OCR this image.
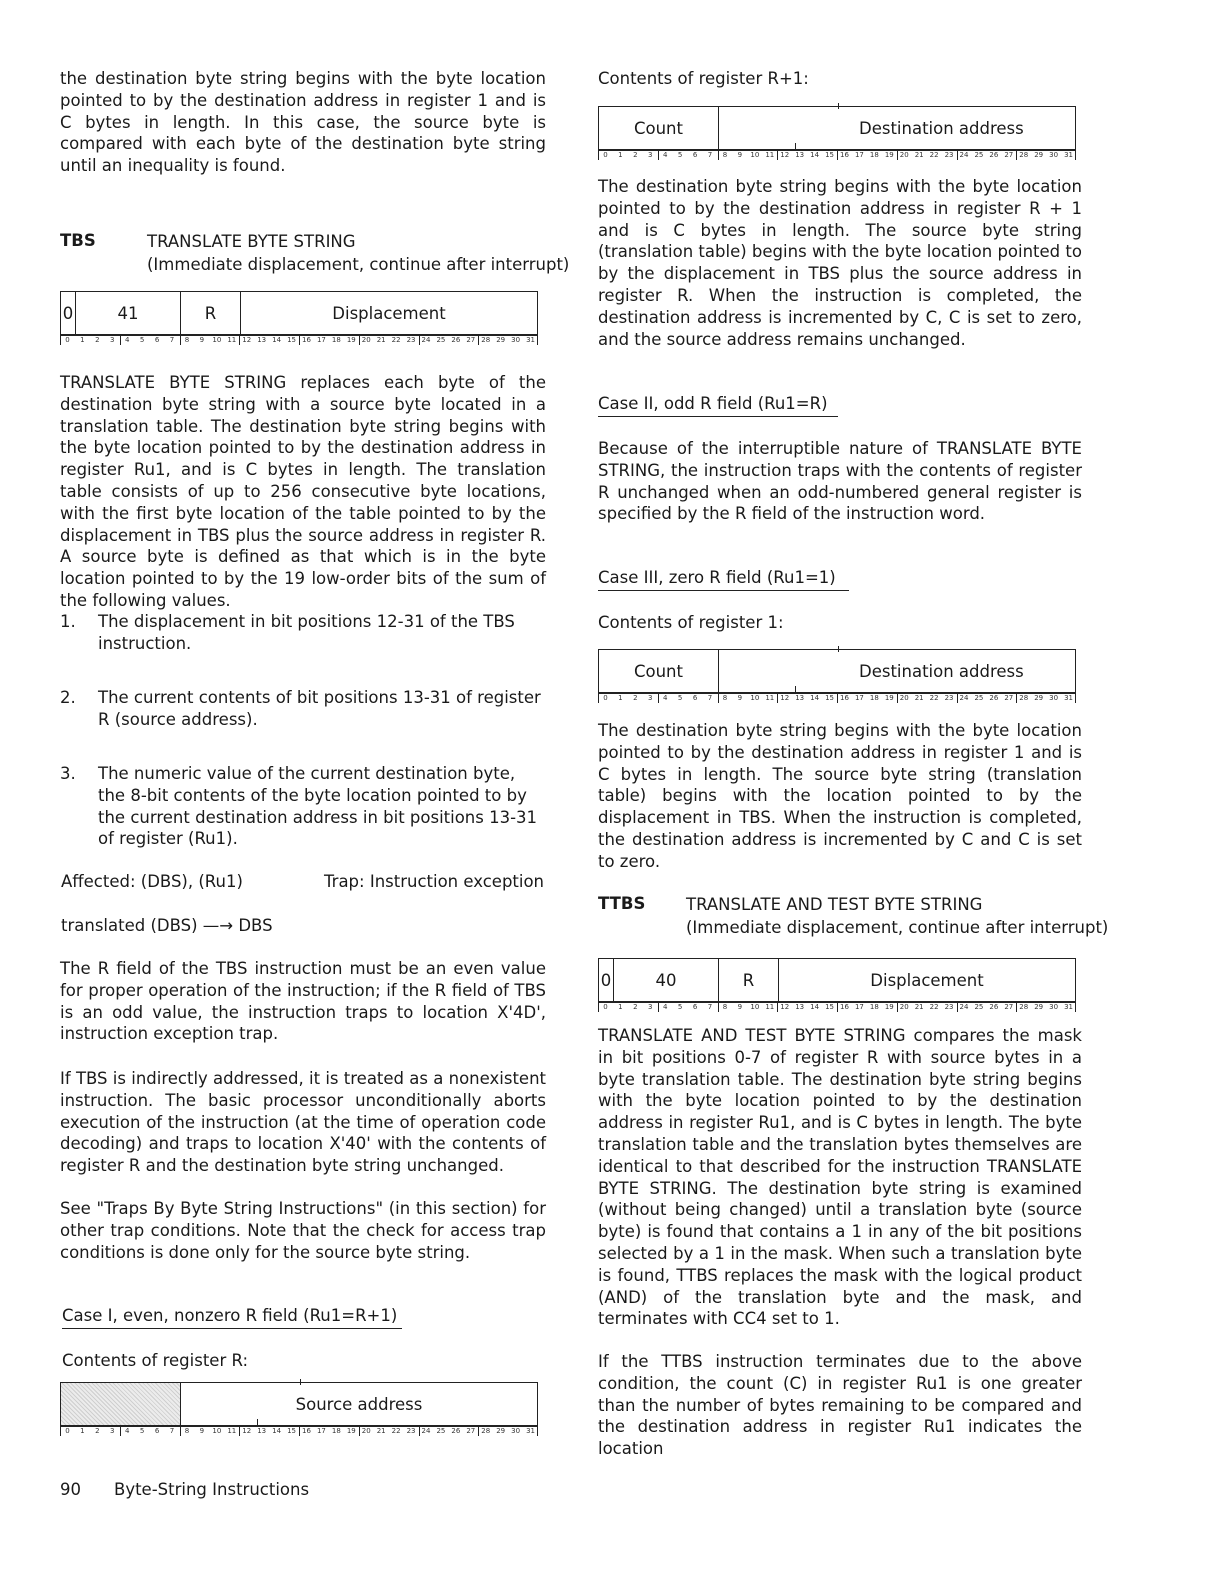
the destination byte string begins with the byte location pointed to by the destination address in register 1 and is C bytes in length. In this case, the source byte is compared with each byte of the destination byte string until an inequality is found.

TBS	TRANSLATE BYTE STRING
(Immediate displacement, continue after interrupt)
0	41	R	Displacement
0	1	2	3	4	5	6	7	8	9	10 11 12 13 14 15 16 17 18 19 20 21 22 23 24 25 26 27 28 29 30 31

TRANSLATE BYTE STRING replaces each byte of the destination byte string with a source byte located in a translation table. The destination byte string begins with the byte location pointed to by the destination address in register Ru1, and is C bytes in length. The translation table consists of up to 256 consecutive byte locations, with the first byte location of the table pointed to by the displacement in TBS plus the source address in register R. A source byte is defined as that which is in the byte location pointed to by the 19 low-order bits of the sum of the following values.

1. The displacement in bit positions 12-31 of the TBS instruction.
2. The current contents of bit positions 13-31 of register R (source address).
3. The numeric value of the current destination byte, the 8-bit contents of the byte location pointed to by the current destination address in bit positions 13-31 of register (Ru1).
Affected: (DBS), (Ru1)	Trap: Instruction exception
translated (DBS) —→ DBS

The R field of the TBS instruction must be an even value for proper operation of the instruction; if the R field of TBS is an odd value, the instruction traps to location X'4D', instruction exception trap.

If TBS is indirectly addressed, it is treated as a nonexistent instruction. The basic processor unconditionally aborts execution of the instruction (at the time of operation code decoding) and traps to location X'40' with the contents of register R and the destination byte string unchanged.

See "Traps By Byte String Instructions" (in this section) for other trap conditions. Note that the check for access trap conditions is done only for the source byte string.

Case I, even, nonzero R field (Ru1=R+1)
Contents of register R:
Source address
0	1	2	3	4	5	6	7	8	9	10 11 12 13 14 15 16 17 18 19 20 21 22 23 24 25 26 27 28 29 30 31
Contents of register R+1:
Count	Destination address
0	1	2	3	4	5	6	7	8	9	10 11 12 13 14 15 16 17 18 19 20 21 22 23 24 25 26 27 28 29 30 31

The destination byte string begins with the byte location pointed to by the destination address in register R + 1 and is C bytes in length. The source byte string (translation table) begins with the byte location pointed to by the displacement in TBS plus the source address in register R. When the instruction is completed, the destination address is incremented by C, C is set to zero, and the source address remains unchanged.

Case II, odd R field (Ru1=R)

Because of the interruptible nature of TRANSLATE BYTE STRING, the instruction traps with the contents of register R unchanged when an odd-numbered general register is specified by the R field of the instruction word.

Case III, zero R field (Ru1=1)
Contents of register 1:
Count	Destination address
0	1	2	3	4	5	6	7	8	9	10 11 12 13 14 15 16 17 18 19 20 21 22 23 24 25 26 27 28 29 30 31

The destination byte string begins with the byte location pointed to by the destination address in register 1 and is C bytes in length. The source byte string (translation table) begins with the location pointed to by the displacement in TBS. When the instruction is completed, the destination address is incremented by C and C is set to zero.

TTBS TRANSLATE AND TEST BYTE STRING
(Immediate displacement, continue after interrupt)
0	40	R	Displacement
0	1	2	3	4	5	6	7	8	9	10 11 12 13 14 15 16 17 18 19 20 21 22 23 24 25 26 27 28 29 30 31

TRANSLATE AND TEST BYTE STRING compares the mask in bit positions 0-7 of register R with source bytes in a byte translation table. The destination byte string begins with the byte location pointed to by the destination address in register Ru1, and is C bytes in length. The byte translation table and the translation bytes themselves are identical to that described for the instruction TRANSLATE BYTE STRING. The destination byte string is examined (without being changed) until a translation byte (source byte) is found that contains a 1 in any of the bit positions selected by a 1 in the mask. When such a translation byte is found, TTBS replaces the mask with the logical product (AND) of the translation byte and the mask, and terminates with CC4 set to 1.

If the TTBS instruction terminates due to the above condition, the count (C) in register Ru1 is one greater than the number of bytes remaining to be compared and the destination address in register Ru1 indicates the location

90 Byte-String Instructions
